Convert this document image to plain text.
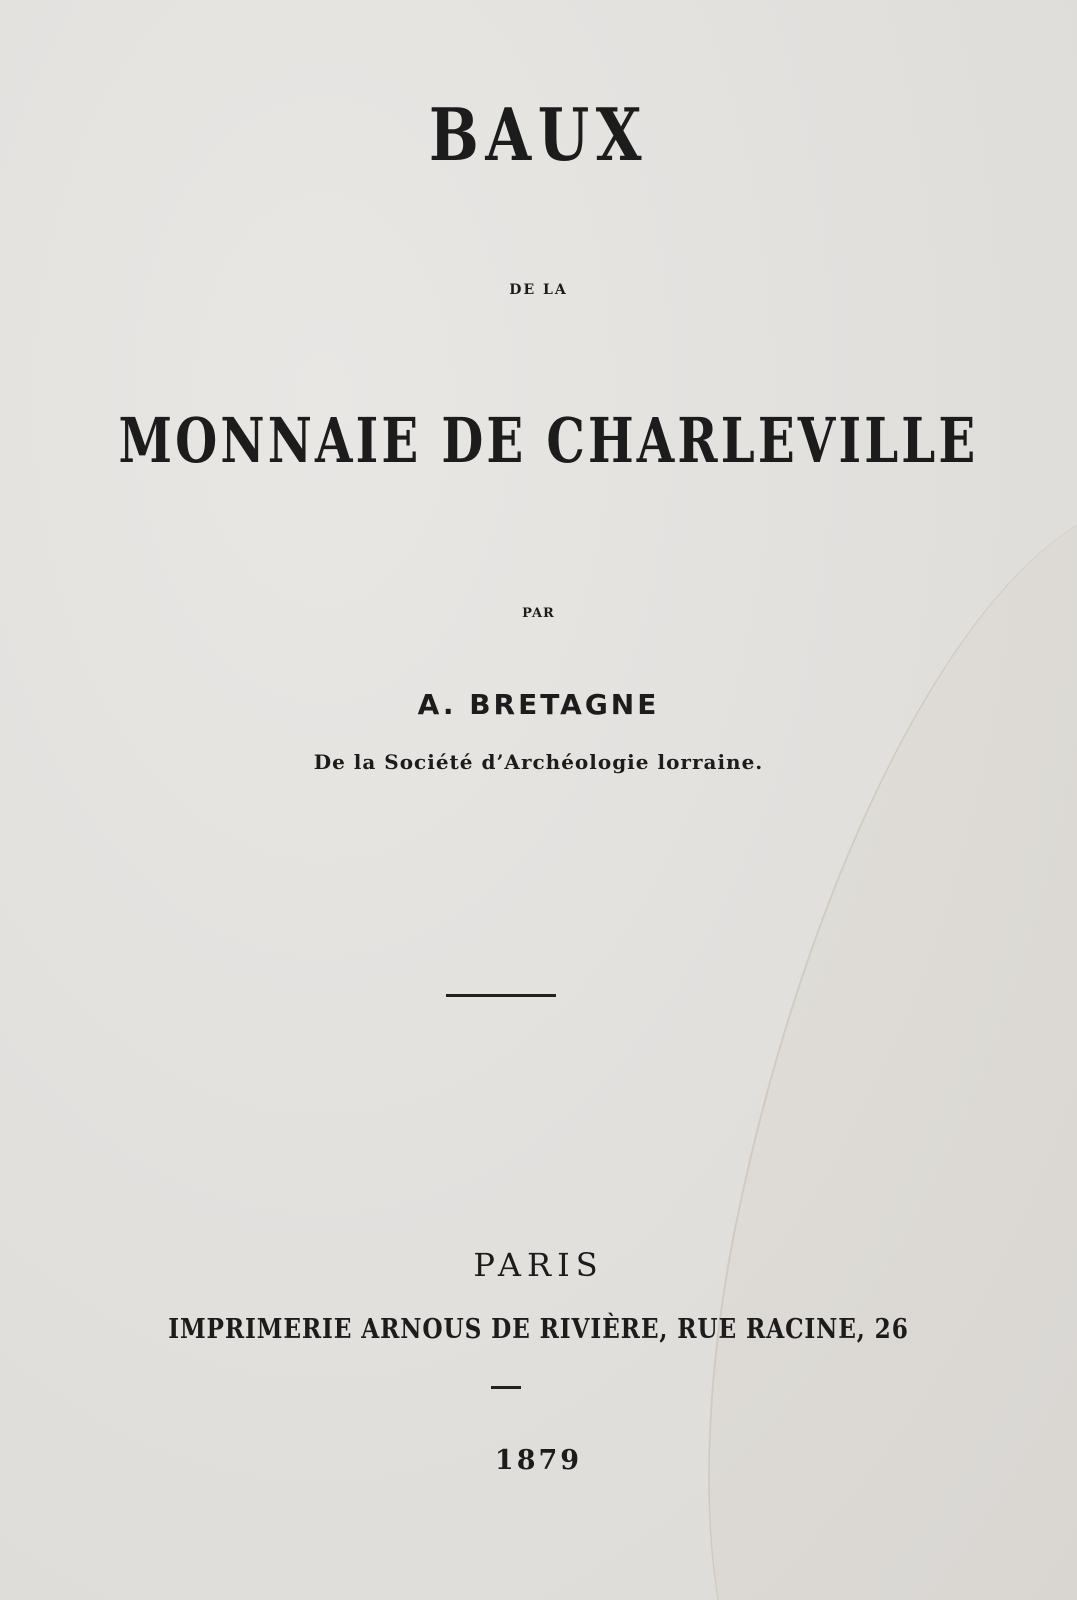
BAUX
DE LA
MONNAIE DE CHARLEVILLE
PAR
A. BRETAGNE
De la Société d’Archéologie lorraine.
PARIS
IMPRIMERIE ARNOUS DE RIVIÈRE, RUE RACINE, 26
1879
